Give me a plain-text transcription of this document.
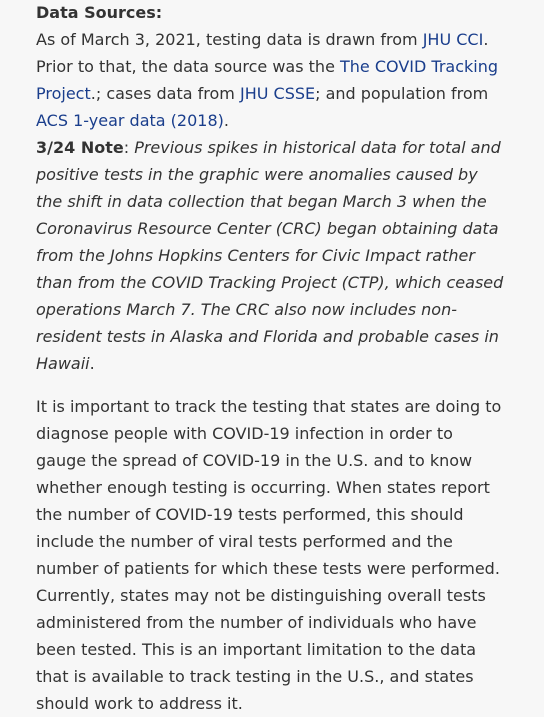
Data Sources:
As of March 3, 2021, testing data is drawn from JHU CCI. Prior to that, the data source was the The COVID Tracking Project.; cases data from JHU CSSE; and population from ACS 1-year data (2018).
3/24 Note: Previous spikes in historical data for total and positive tests in the graphic were anomalies caused by the shift in data collection that began March 3 when the Coronavirus Resource Center (CRC) began obtaining data from the Johns Hopkins Centers for Civic Impact rather than from the COVID Tracking Project (CTP), which ceased operations March 7. The CRC also now includes non-resident tests in Alaska and Florida and probable cases in Hawaii.

It is important to track the testing that states are doing to diagnose people with COVID-19 infection in order to gauge the spread of COVID-19 in the U.S. and to know whether enough testing is occurring. When states report the number of COVID-19 tests performed, this should include the number of viral tests performed and the number of patients for which these tests were performed. Currently, states may not be distinguishing overall tests administered from the number of individuals who have been tested. This is an important limitation to the data that is available to track testing in the U.S., and states should work to address it.
